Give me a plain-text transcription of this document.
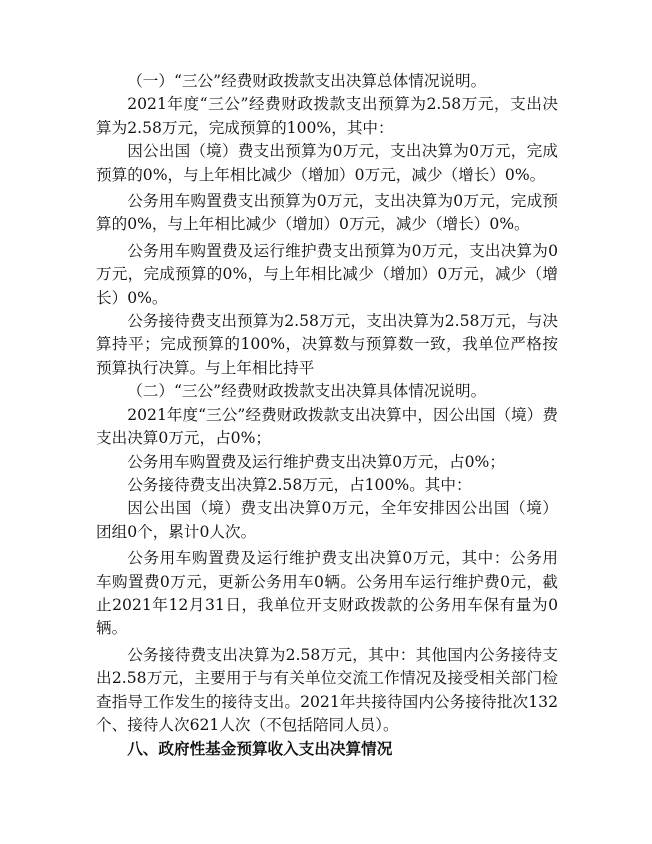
（一）“三公”经费财政拨款支出决算总体情况说明。

2021年度“三公”经费财政拨款支出预算为2.58万元，支出决算为2.58万元，完成预算的100%，其中：

因公出国（境）费支出预算为0万元，支出决算为0万元，完成预算的0%，与上年相比减少（增加）0万元，减少（增长）0%。

公务用车购置费支出预算为0万元，支出决算为0万元，完成预算的0%，与上年相比减少（增加）0万元，减少（增长）0%。

公务用车购置费及运行维护费支出预算为0万元，支出决算为0万元，完成预算的0%，与上年相比减少（增加）0万元，减少（增长）0%。

公务接待费支出预算为2.58万元，支出决算为2.58万元，与决算持平；完成预算的100%，决算数与预算数一致，我单位严格按预算执行决算。与上年相比持平

（二）“三公”经费财政拨款支出决算具体情况说明。

2021年度“三公”经费财政拨款支出决算中，因公出国（境）费支出决算0万元，占0%；

公务用车购置费及运行维护费支出决算0万元，占0%；

公务接待费支出决算2.58万元，占100%。其中：

因公出国（境）费支出决算0万元，全年安排因公出国（境）团组0个，累计0人次。

公务用车购置费及运行维护费支出决算0万元，其中：公务用车购置费0万元，更新公务用车0辆。公务用车运行维护费0元，截止2021年12月31日，我单位开支财政拨款的公务用车保有量为0辆。

公务接待费支出决算为2.58万元，其中：其他国内公务接待支出2.58万元，主要用于与有关单位交流工作情况及接受相关部门检查指导工作发生的接待支出。2021年共接待国内公务接待批次132个、接待人次621人次（不包括陪同人员）。

八、政府性基金预算收入支出决算情况
